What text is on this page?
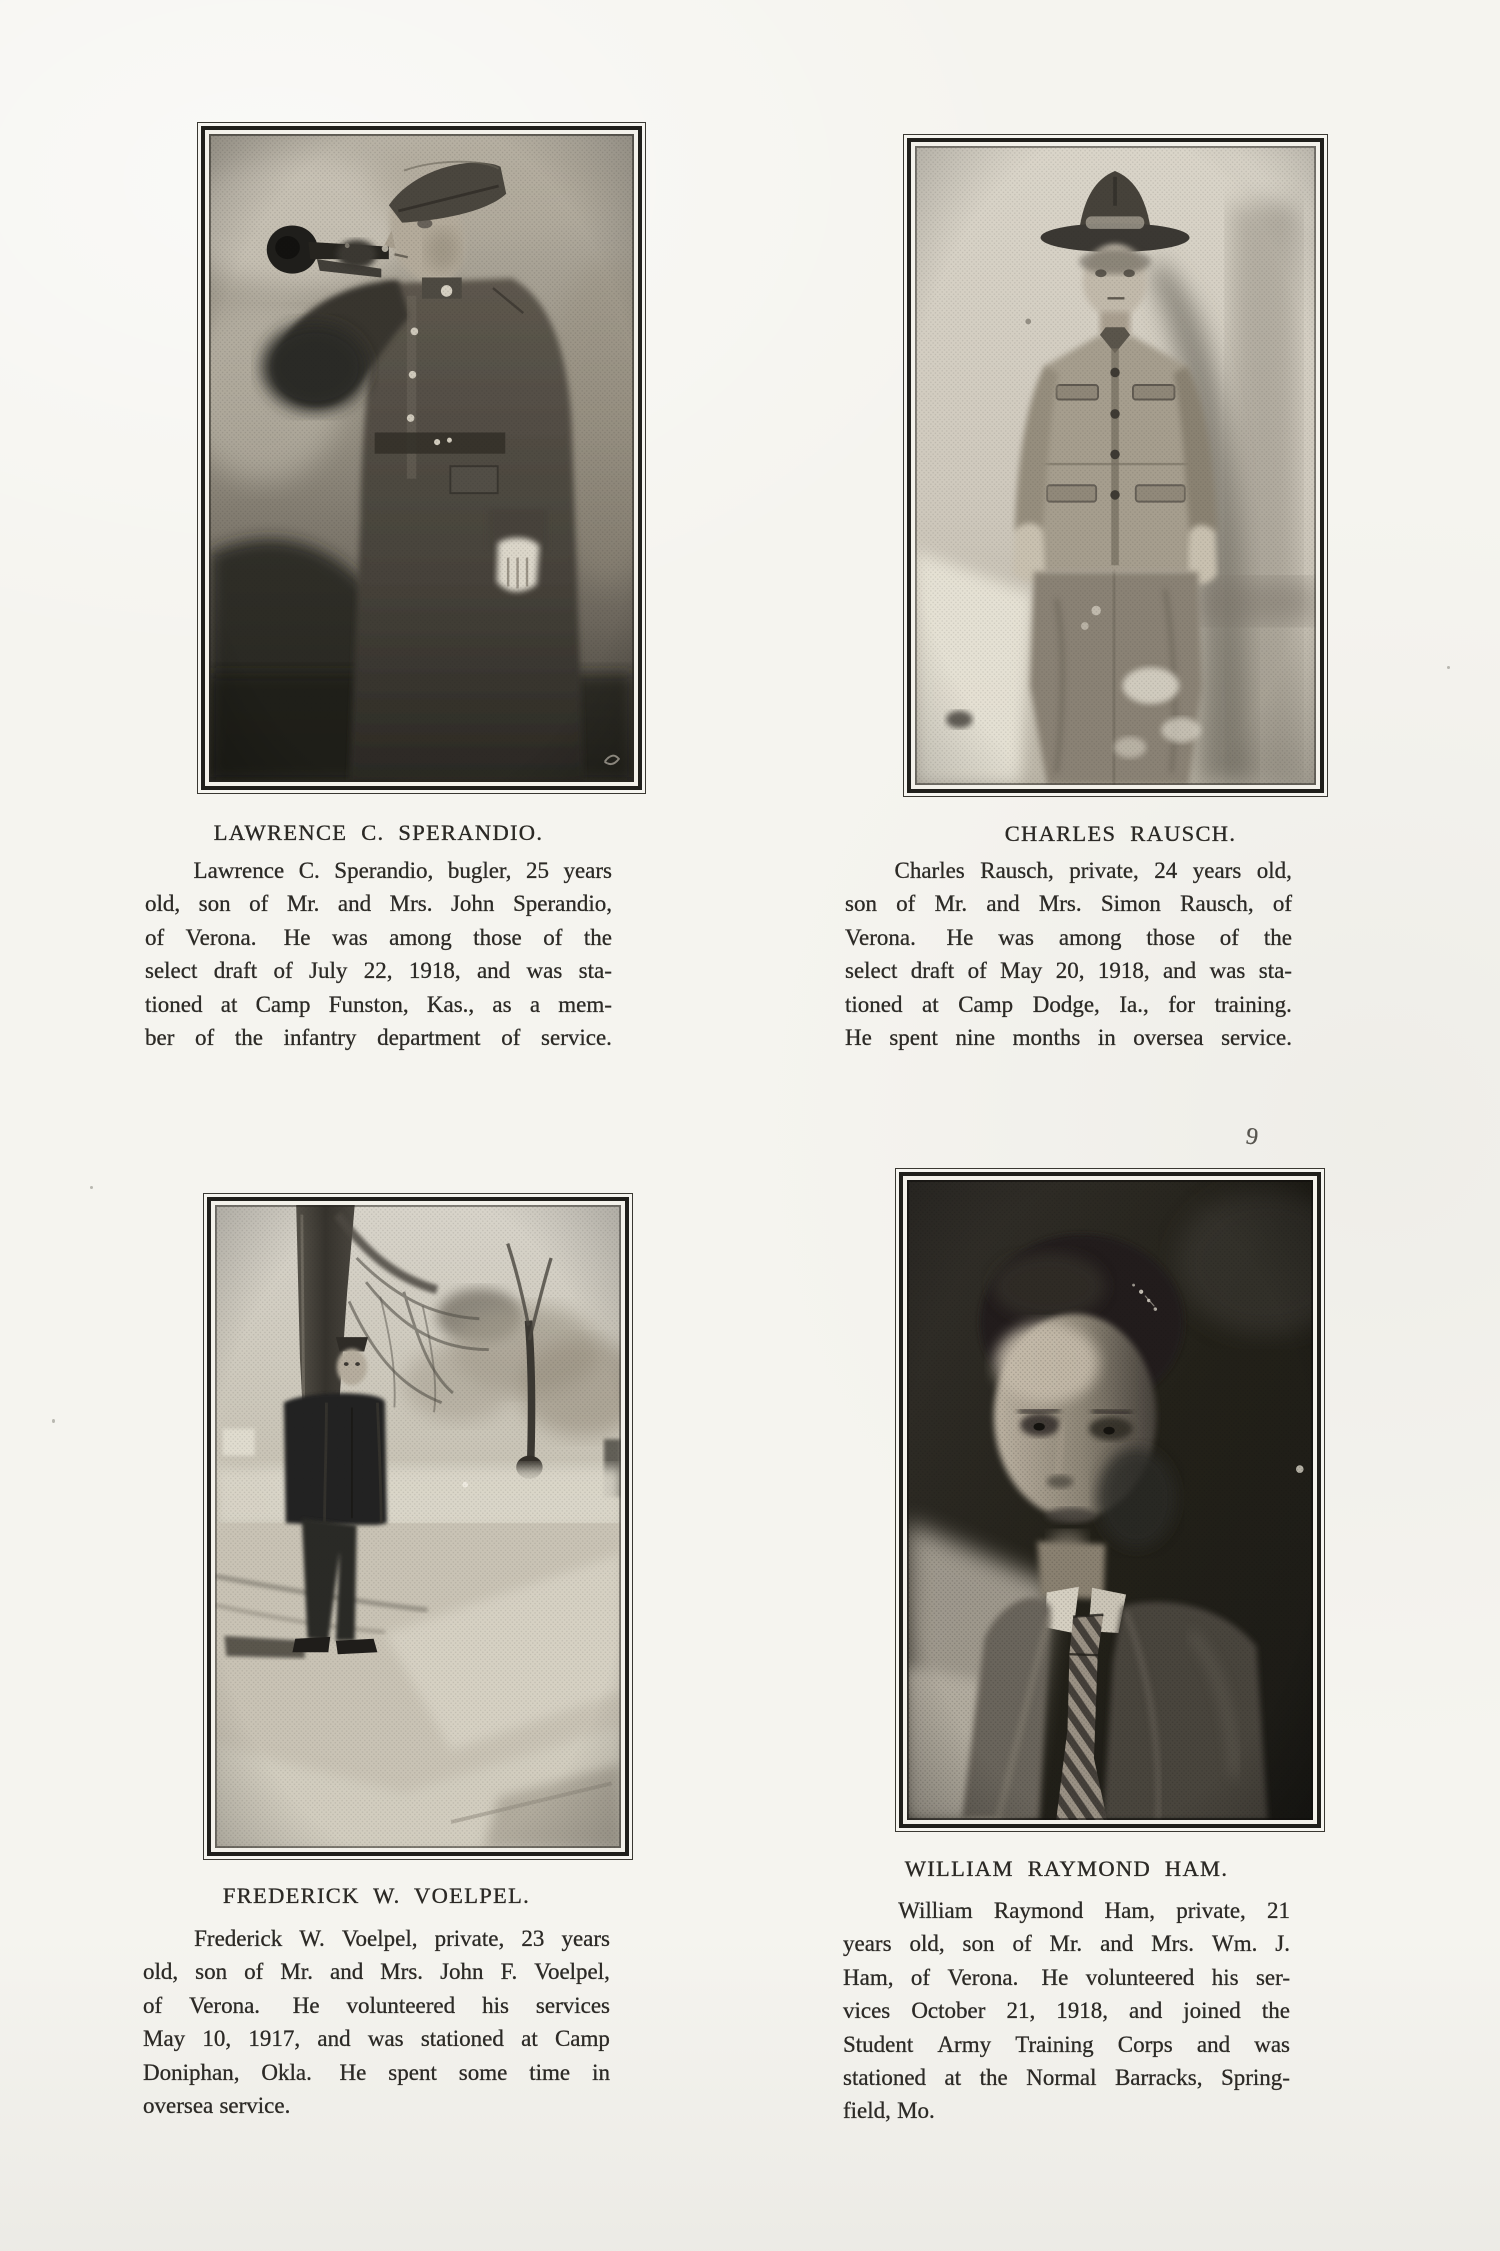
LAWRENCE C. SPERANDIO.	CHARLES RAUSCH.
FREDERICK W. VOELPEL.
WILLIAM RAYMOND HAM.
Lawrence C. Sperandio, bugler, 25 years
old, son of Mr. and Mrs. John Sperandio,
of Verona. He was among those of the
select draft of July 22, 1918, and was sta-
tioned at Camp Funston, Kas., as a mem-
ber of the infantry department of service.
Charles Rausch, private, 24 years old,
son of Mr. and Mrs. Simon Rausch, of
Verona. He was among those of the
select draft of May 20, 1918, and was sta-
tioned at Camp Dodge, Ia., for training.
He spent nine months in oversea service.
Frederick W. Voelpel, private, 23 years
old, son of Mr. and Mrs. John F. Voelpel,
of Verona. He volunteered his services
May 10, 1917, and was stationed at Camp
Doniphan, Okla. He spent some time in
oversea service.
William Raymond Ham, private, 21
years old, son of Mr. and Mrs. Wm. J.
Ham, of Verona. He volunteered his ser-
vices October 21, 1918, and joined the
Student Army Training Corps and was
stationed at the Normal Barracks, Spring-
field, Mo.
9
